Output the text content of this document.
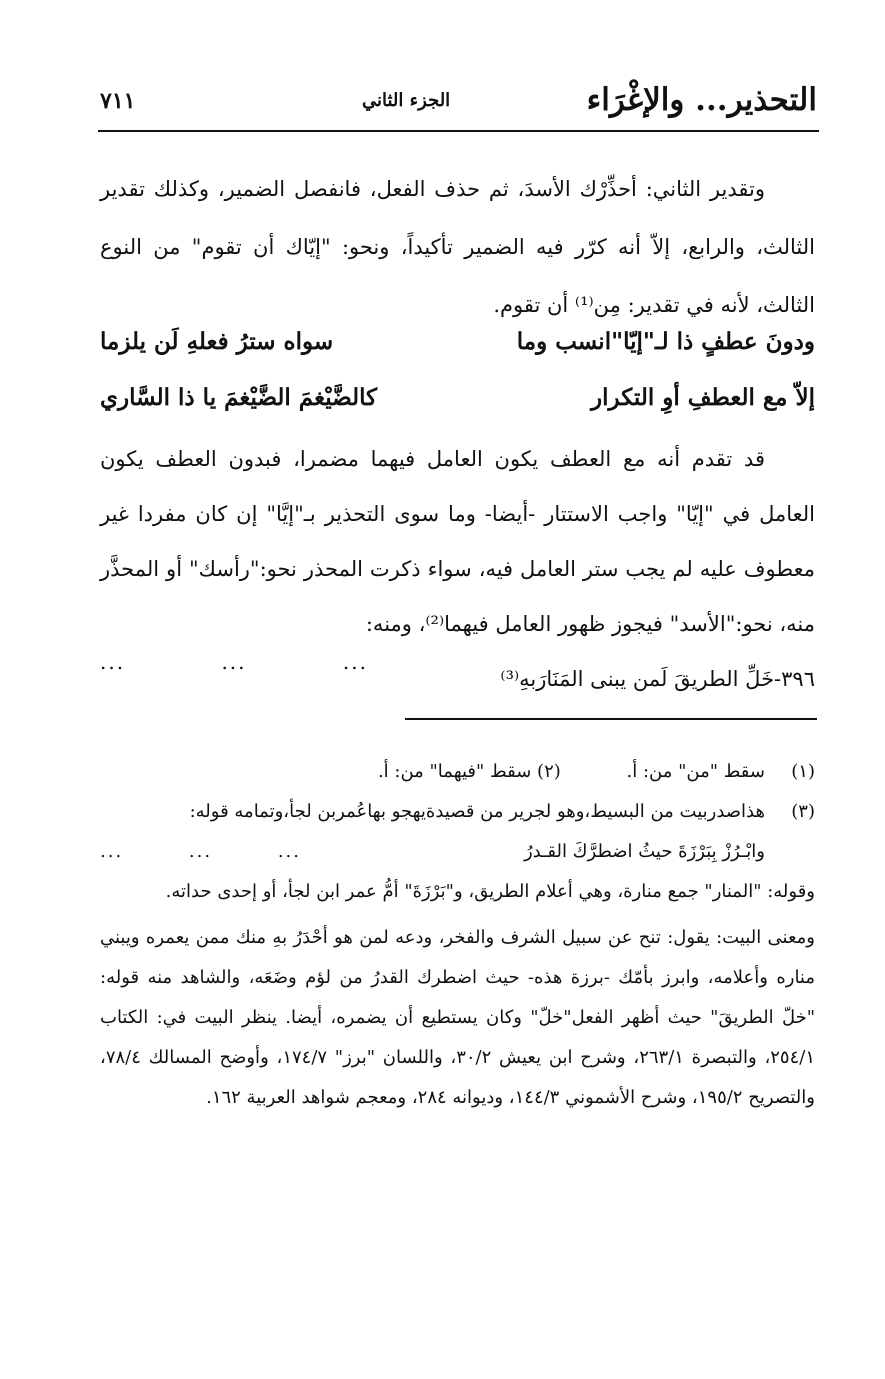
التحذير... والإغْرَاء
الجزء الثاني
٧١١

وتقدير الثاني: أحذِّرْك الأسدَ، ثم حذف الفعل، فانفصل الضمير، وكذلك تقدير الثالث، والرابع، إلاّ أنه كرّر فيه الضمير تأكيداً، ونحو: "إيّاك أن تقوم" من النوع الثالث، لأنه في تقدير: مِن⁽¹⁾ أن تقوم.

ودونَ عطفٍ ذا لـ"إيّا"انسب وما
سواه سترُ فعلهِ لَن يلزما
إلاّ مع العطفِ أوِ التكرار
كالضَّيْغمَ الضَّيْغمَ يا ذا السَّاري

قد تقدم أنه مع العطف يكون العامل فيهما مضمرا، فبدون العطف يكون العامل في "إيّا" واجب الاستتار -أيضا- وما سوى التحذير بـ"إيَّا" إن كان مفردا غير معطوف عليه لم يجب ستر العامل فيه، سواء ذكرت المحذر نحو:"رأسك" أو المحذَّر منه، نحو:"الأسد" فيجوز ظهور العامل فيهما⁽²⁾، ومنه:

٣٩٦-خَلِّ الطريقَ لَمن يبنى المَنَارَبهِ⁽³⁾

...	...	...
(١)
سقط "من" من: أ. (٢) سقط "فيهما" من: أ.
(٣)
هذاصدربيت من البسيط،وهو لجرير من قصيدةيهجو بهاعُمربن لجأ،وتمامه قوله:
وابْـرُزْ بِبَرْزَةَ حيثُ اضطرَّكَ القـدرُ
... ... ...
وقوله: "المنار" جمع منارة، وهي أعلام الطريق، و"بَرْزَةَ" أمُّ عمر ابن لجأ، أو إحدى حداته.
ومعنى البيت: يقول: تنح عن سبيل الشرف والفخر، ودعه لمن هو أحْدَرُ بهِ منك ممن يعمره ويبني مناره وأعلامه، وابرز بأمّك -برزة هذه- حيث اضطرك القدرُ من لؤم وضَعَه، والشاهد منه قوله: "خلّ الطريقَ" حيث أظهر الفعل"خلّ" وكان يستطيع أن يضمره، أيضا. ينظر البيت في: الكتاب ٢٥٤/١، والتبصرة ٢٦٣/١، وشرح ابن يعيش ٣٠/٢، واللسان "برز" ١٧٤/٧، وأوضح المسالك ٧٨/٤، والتصريح ١٩٥/٢، وشرح الأشموني ١٤٤/٣، وديوانه ٢٨٤، ومعجم شواهد العربية ١٦٢.
